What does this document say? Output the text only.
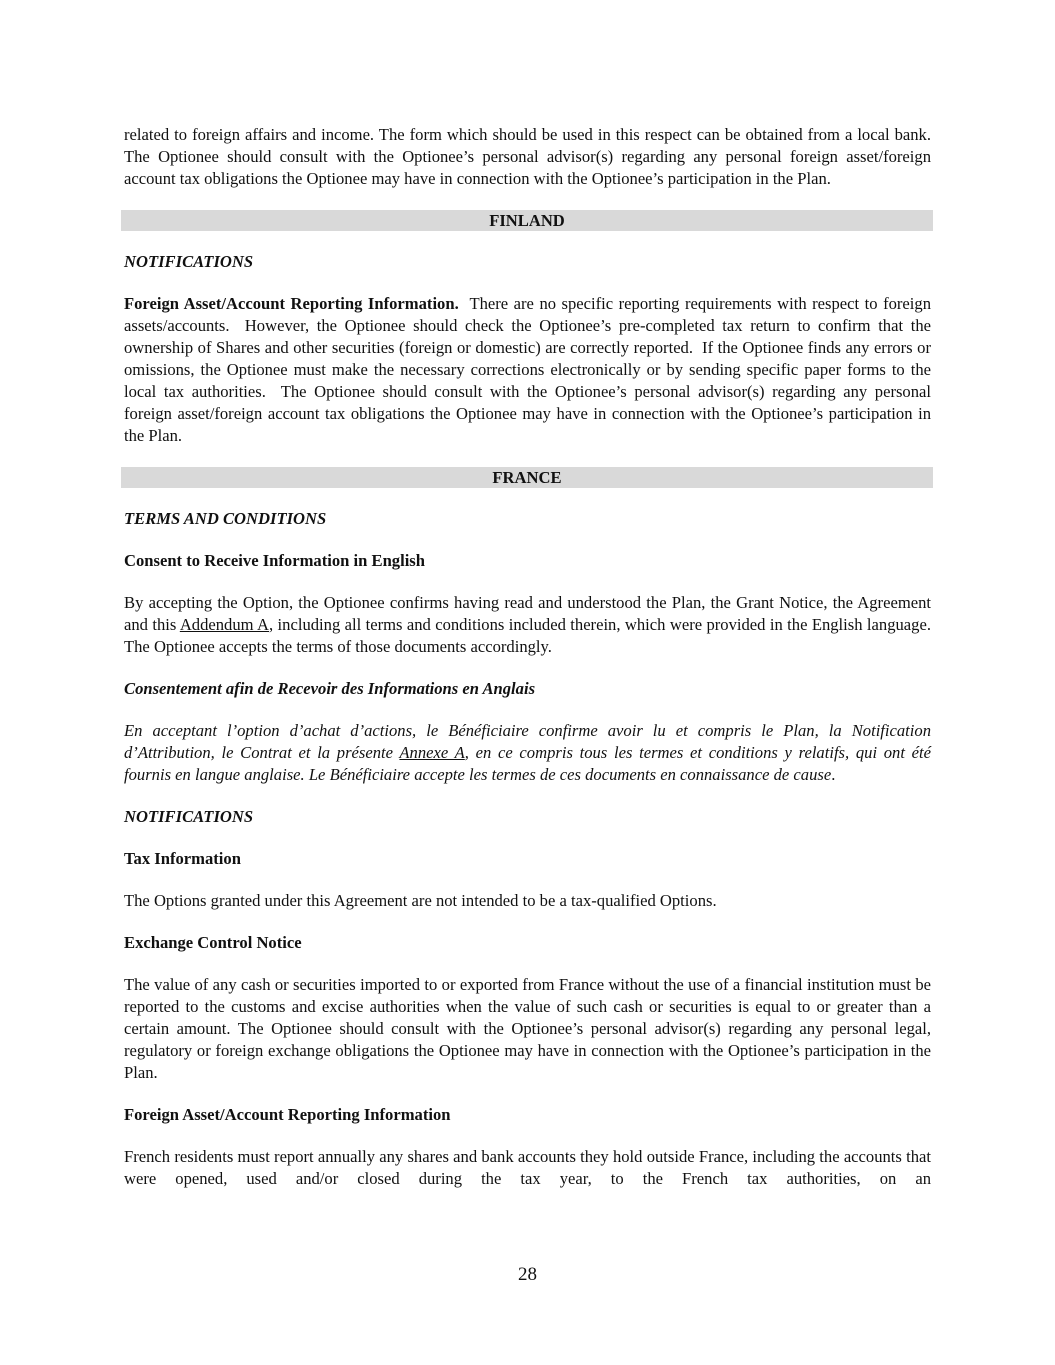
related to foreign affairs and income. The form which should be used in this respect can be obtained from a local bank. The Optionee should consult with the Optionee’s personal advisor(s) regarding any personal foreign asset/foreign account tax obligations the Optionee may have in connection with the Optionee’s participation in the Plan.

FINLAND

NOTIFICATIONS

Foreign Asset/Account Reporting Information.  There are no specific reporting requirements with respect to foreign assets/accounts.  However, the Optionee should check the Optionee’s pre-completed tax return to confirm that the ownership of Shares and other securities (foreign or domestic) are correctly reported.  If the Optionee finds any errors or omissions, the Optionee must make the necessary corrections electronically or by sending specific paper forms to the local tax authorities.  The Optionee should consult with the Optionee’s personal advisor(s) regarding any personal foreign asset/foreign account tax obligations the Optionee may have in connection with the Optionee’s participation in the Plan.

FRANCE

TERMS AND CONDITIONS

Consent to Receive Information in English

By accepting the Option, the Optionee confirms having read and understood the Plan, the Grant Notice, the Agreement and this Addendum A, including all terms and conditions included therein, which were provided in the English language. The Optionee accepts the terms of those documents accordingly.

Consentement afin de Recevoir des Informations en Anglais

En acceptant l’option d’achat d’actions, le Bénéficiaire confirme avoir lu et compris le Plan, la Notification d’Attribution, le Contrat et la présente Annexe A, en ce compris tous les termes et conditions y relatifs, qui ont été fournis en langue anglaise. Le Bénéficiaire accepte les termes de ces documents en connaissance de cause.

NOTIFICATIONS

Tax Information

The Options granted under this Agreement are not intended to be a tax-qualified Options.

Exchange Control Notice

The value of any cash or securities imported to or exported from France without the use of a financial institution must be reported to the customs and excise authorities when the value of such cash or securities is equal to or greater than a certain amount. The Optionee should consult with the Optionee’s personal advisor(s) regarding any personal legal, regulatory or foreign exchange obligations the Optionee may have in connection with the Optionee’s participation in the Plan.

Foreign Asset/Account Reporting Information

French residents must report annually any shares and bank accounts they hold outside France, including the accounts that were opened, used and/or closed during the tax year, to the French tax authorities, on an

28
